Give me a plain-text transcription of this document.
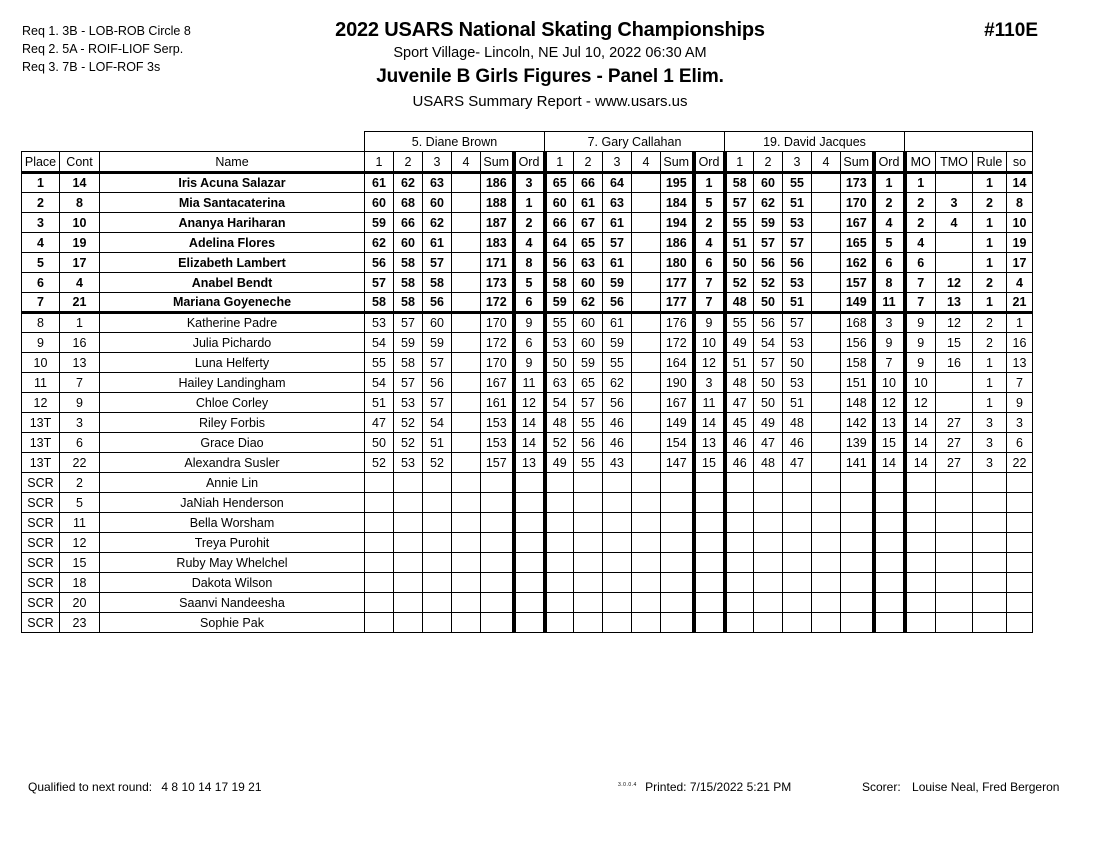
Req 1. 3B - LOB-ROB Circle 8
Req 2. 5A - ROIF-LIOF Serp.
Req 3. 7B - LOF-ROF 3s
2022 USARS National Skating Championships
Sport Village- Lincoln, NE Jul 10, 2022 06:30 AM
Juvenile B Girls Figures - Panel 1 Elim.
USARS Summary Report - www.usars.us
#110E
			5. Diane Brown						7. Gary Callahan						19. David Jacques									
Place	Cont	Name	1	2	3	4	Sum	Ord	1	2	3	4	Sum	Ord	1	2	3	4	Sum	Ord	MO	TMO	Rule	so
1	14	Iris Acuna Salazar	61	62	63		186	3	65	66	64		195	1	58	60	55		173	1	1		1	14
2	8	Mia Santacaterina	60	68	60		188	1	60	61	63		184	5	57	62	51		170	2	2	3	2	8
3	10	Ananya Hariharan	59	66	62		187	2	66	67	61		194	2	55	59	53		167	4	2	4	1	10
4	19	Adelina Flores	62	60	61		183	4	64	65	57		186	4	51	57	57		165	5	4		1	19
5	17	Elizabeth Lambert	56	58	57		171	8	56	63	61		180	6	50	56	56		162	6	6		1	17
6	4	Anabel Bendt	57	58	58		173	5	58	60	59		177	7	52	52	53		157	8	7	12	2	4
7	21	Mariana Goyeneche	58	58	56		172	6	59	62	56		177	7	48	50	51		149	11	7	13	1	21
8	1	Katherine Padre	53	57	60		170	9	55	60	61		176	9	55	56	57		168	3	9	12	2	1
9	16	Julia Pichardo	54	59	59		172	6	53	60	59		172	10	49	54	53		156	9	9	15	2	16
10	13	Luna Helferty	55	58	57		170	9	50	59	55		164	12	51	57	50		158	7	9	16	1	13
11	7	Hailey Landingham	54	57	56		167	11	63	65	62		190	3	48	50	53		151	10	10		1	7
12	9	Chloe Corley	51	53	57		161	12	54	57	56		167	11	47	50	51		148	12	12		1	9
13T	3	Riley Forbis	47	52	54		153	14	48	55	46		149	14	45	49	48		142	13	14	27	3	3
13T	6	Grace Diao	50	52	51		153	14	52	56	46		154	13	46	47	46		139	15	14	27	3	6
13T	22	Alexandra Susler	52	53	52		157	13	49	55	43		147	15	46	48	47		141	14	14	27	3	22
SCR	2	Annie Lin																						
SCR	5	JaNiah Henderson																						
SCR	11	Bella Worsham																						
SCR	12	Treya Purohit																						
SCR	15	Ruby May Whelchel																						
SCR	18	Dakota Wilson																						
SCR	20	Saanvi Nandeesha																						
SCR	23	Sophie Pak																						
Qualified to next round: 4 8 10 14 17 19 21	$^{3.0.0.4}$ Printed: 7/15/2022 5:21 PM	Scorer: Louise Neal, Fred Bergeron
